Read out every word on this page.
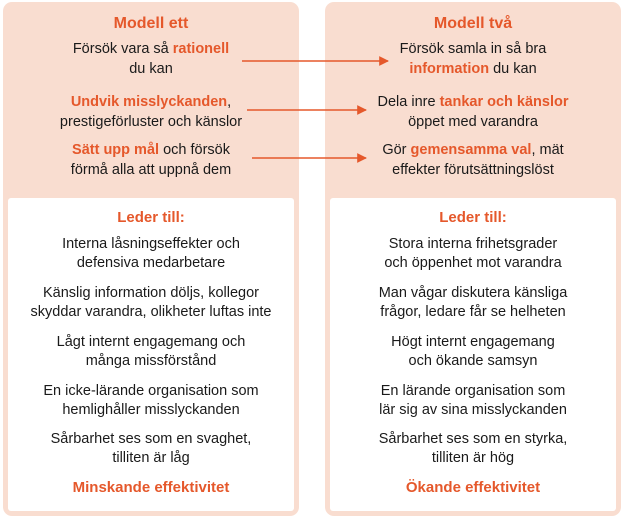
Modell ett
Försök vara så rationell
du kan
Undvik misslyckanden,
prestigeförluster och känslor
Sätt upp mål och försök
förmå alla att uppnå dem
Leder till:
Interna låsningseffekter och
defensiva medarbetare
Känslig information döljs, kollegor
skyddar varandra, olikheter luftas inte
Lågt internt engagemang och
många missförstånd
En icke-lärande organisation som
hemlighåller misslyckanden
Sårbarhet ses som en svaghet,
tilliten är låg
Minskande effektivitet
Modell två
Försök samla in så bra
information du kan
Dela inre tankar och känslor
öppet med varandra
Gör gemensamma val, mät
effekter förutsättningslöst
Leder till:
Stora interna frihetsgrader
och öppenhet mot varandra
Man vågar diskutera känsliga
frågor, ledare får se helheten
Högt internt engagemang
och ökande samsyn
En lärande organisation som
lär sig av sina misslyckanden
Sårbarhet ses som en styrka,
tilliten är hög
Ökande effektivitet
